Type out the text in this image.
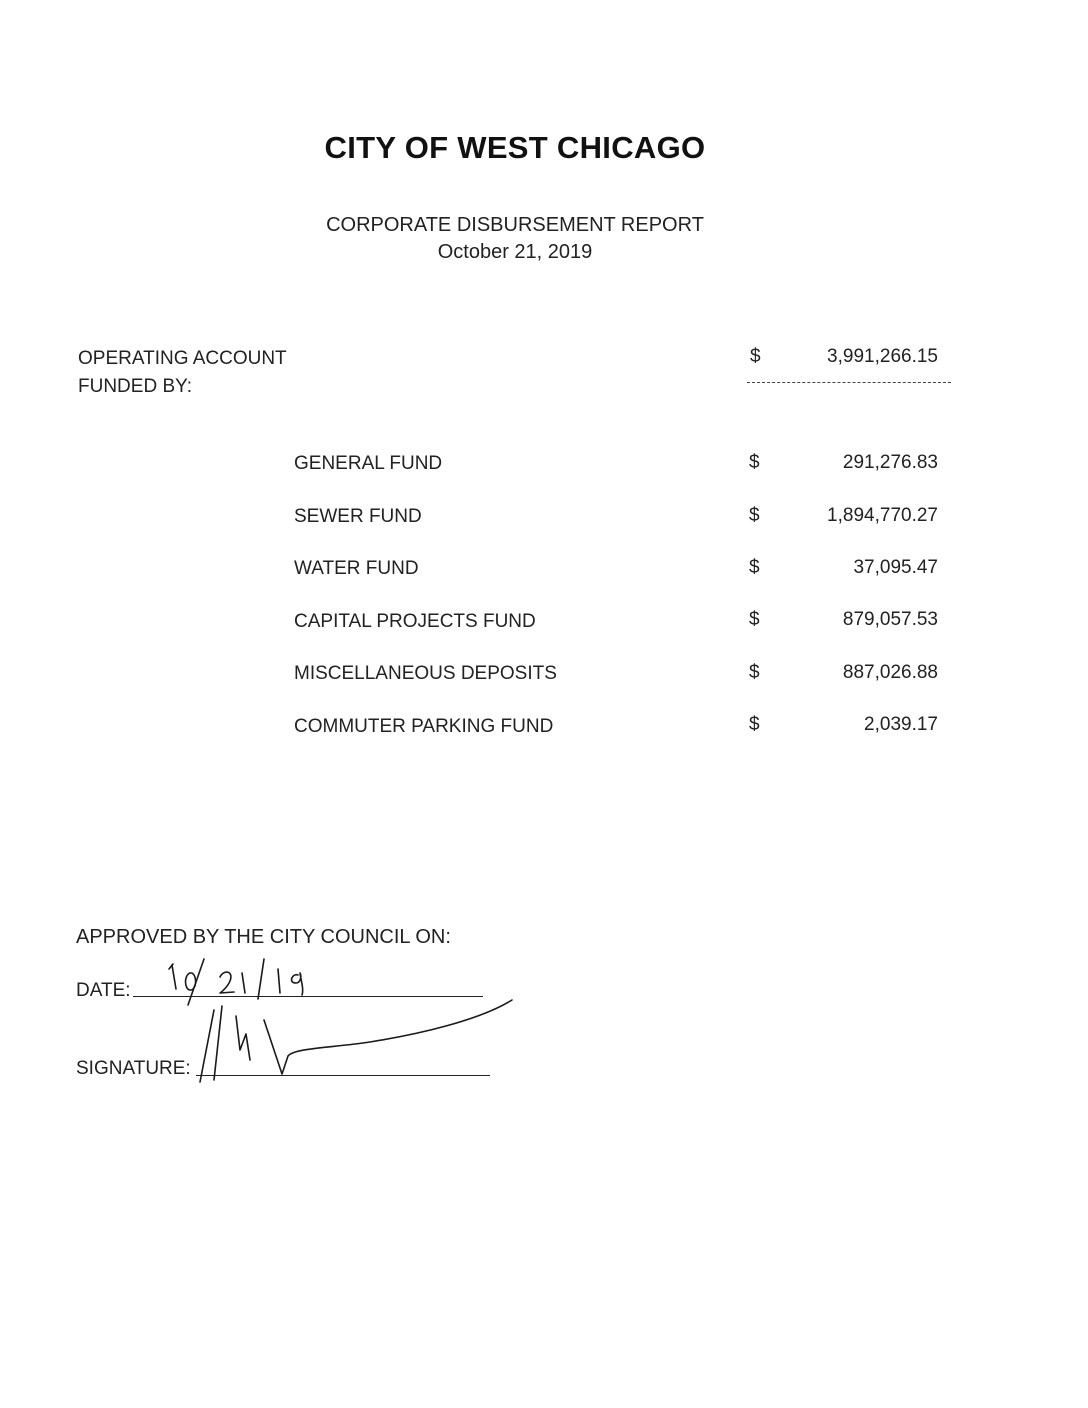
CITY OF WEST CHICAGO
CORPORATE DISBURSEMENT REPORT
October 21, 2019
OPERATING ACCOUNT
FUNDED BY:
$	3,991,266.15
GENERAL FUND	$	291,276.83
SEWER FUND	$	1,894,770.27
WATER FUND	$	37,095.47
CAPITAL PROJECTS FUND	$	879,057.53
MISCELLANEOUS DEPOSITS	$	887,026.88
COMMUTER PARKING FUND	$	2,039.17
APPROVED BY THE CITY COUNCIL ON:
DATE:
SIGNATURE:
